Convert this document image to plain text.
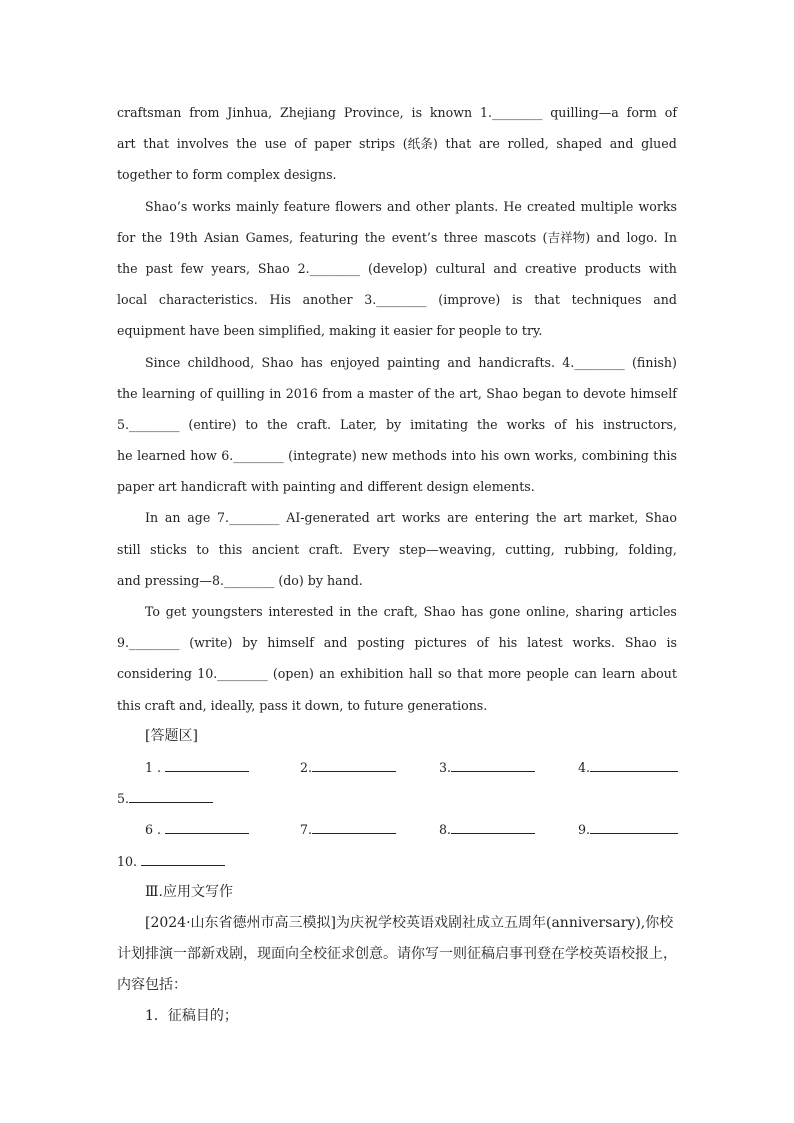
craftsman from Jinhua, Zhejiang Province, is known 1.________ quilling—a form of
art that involves the use of paper strips (纸条) that are rolled, shaped and glued
together to form complex designs.
Shao’s works mainly feature flowers and other plants. He created multiple works
for the 19th Asian Games, featuring the event’s three mascots (吉祥物) and logo. In
the past few years, Shao 2.________ (develop) cultural and creative products with
local characteristics. His another 3.________ (improve) is that techniques and
equipment have been simplified, making it easier for people to try.
Since childhood, Shao has enjoyed painting and handicrafts. 4.________ (finish)
the learning of quilling in 2016 from a master of the art, Shao began to devote himself
5.________ (entire) to the craft. Later, by imitating the works of his instructors,
he learned how 6.________ (integrate) new methods into his own works, combining this
paper art handicraft with painting and different design elements.
In an age 7.________ AI-generated art works are entering the art market, Shao
still sticks to this ancient craft. Every step—weaving, cutting, rubbing, folding,
and pressing—8.________ (do) by hand.
To get youngsters interested in the craft, Shao has gone online, sharing articles
9.________ (write) by himself and posting pictures of his latest works. Shao is
considering 10.________ (open) an exhibition hall so that more people can learn about
this craft and, ideally, pass it down, to future generations.
[答题区]
1 .	2.	3.	4.
5.
6 .	7.	8.	9.
10.
Ⅲ.应用文写作
[2024·山东省德州市高三模拟]为庆祝学校英语戏剧社成立五周年(anniversary),你校
计划排演一部新戏剧，现面向全校征求创意。请你写一则征稿启事刊登在学校英语校报上，
内容包括：
1．征稿目的；
